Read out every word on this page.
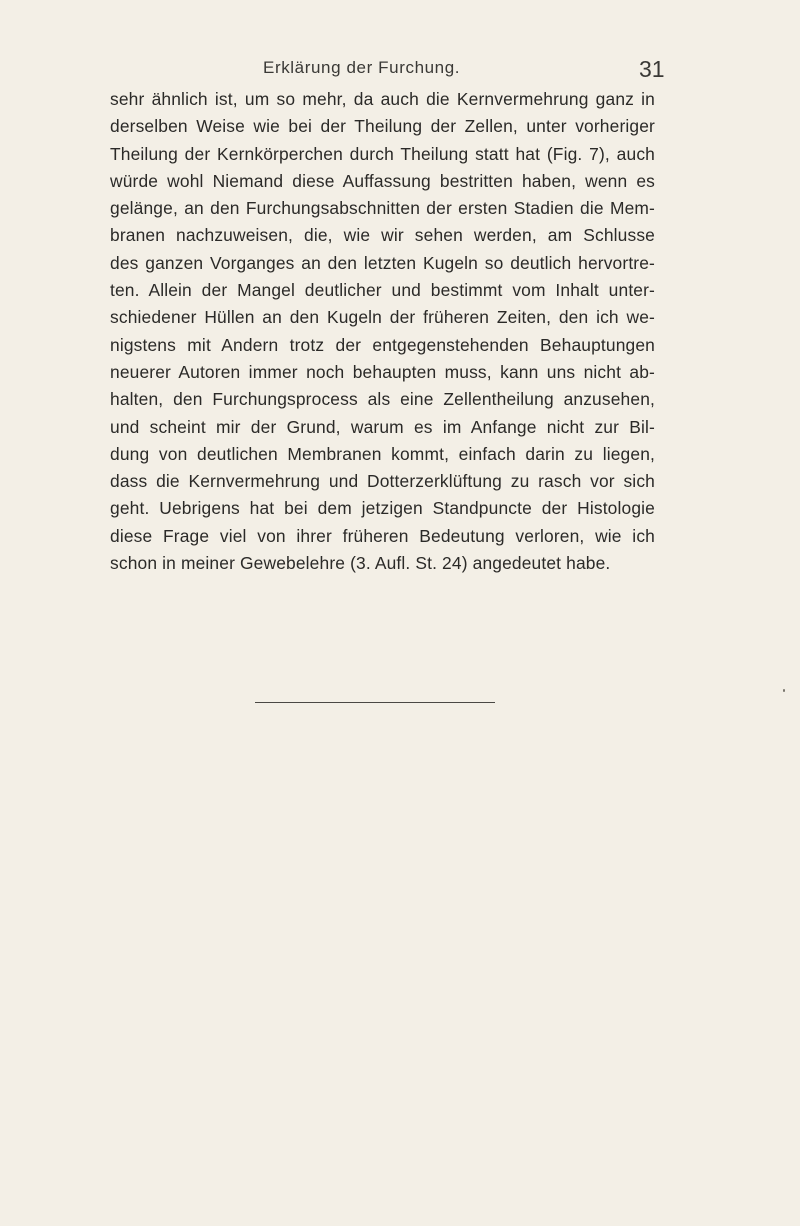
Erklärung der Furchung.	31
sehr ähnlich ist, um so mehr, da auch die Kernvermehrung ganz in
derselben Weise wie bei der Theilung der Zellen, unter vorheriger
Theilung der Kernkörperchen durch Theilung statt hat (Fig. 7), auch
würde wohl Niemand diese Auffassung bestritten haben, wenn es
gelänge, an den Furchungsabschnitten der ersten Stadien die Mem-
branen nachzuweisen, die, wie wir sehen werden, am Schlusse
des ganzen Vorganges an den letzten Kugeln so deutlich hervortre-
ten. Allein der Mangel deutlicher und bestimmt vom Inhalt unter-
schiedener Hüllen an den Kugeln der früheren Zeiten, den ich we-
nigstens mit Andern trotz der entgegenstehenden Behauptungen
neuerer Autoren immer noch behaupten muss, kann uns nicht ab-
halten, den Furchungsprocess als eine Zellentheilung anzusehen,
und scheint mir der Grund, warum es im Anfange nicht zur Bil-
dung von deutlichen Membranen kommt, einfach darin zu liegen,
dass die Kernvermehrung und Dotterzerklüftung zu rasch vor sich
geht. Uebrigens hat bei dem jetzigen Standpuncte der Histologie
diese Frage viel von ihrer früheren Bedeutung verloren, wie ich
schon in meiner Gewebelehre (3. Aufl. St. 24) angedeutet habe.
